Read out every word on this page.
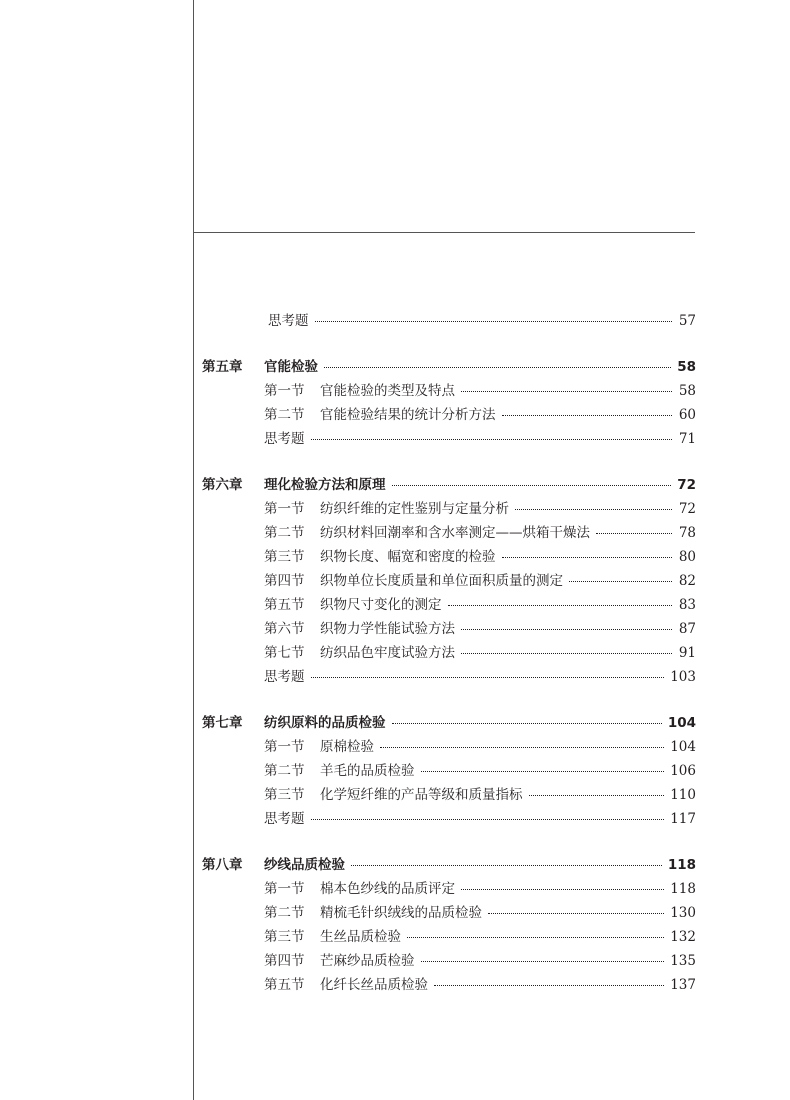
思考题	57
第五章	官能检验	58
第一节 官能检验的类型及特点	58
第二节 官能检验结果的统计分析方法	60
思考题	71
第六章	理化检验方法和原理	72
第一节 纺织纤维的定性鉴别与定量分析	72
第二节 纺织材料回潮率和含水率测定——烘箱干燥法	78
第三节 织物长度、幅宽和密度的检验	80
第四节 织物单位长度质量和单位面积质量的测定	82
第五节 织物尺寸变化的测定	83
第六节 织物力学性能试验方法	87
第七节 纺织品色牢度试验方法	91
思考题	103
第七章	纺织原料的品质检验	104
第一节 原棉检验	104
第二节 羊毛的品质检验	106
第三节 化学短纤维的产品等级和质量指标	110
思考题	117
第八章	纱线品质检验	118
第一节 棉本色纱线的品质评定	118
第二节 精梳毛针织绒线的品质检验	130
第三节 生丝品质检验	132
第四节 芒麻纱品质检验	135
第五节 化纤长丝品质检验	137
